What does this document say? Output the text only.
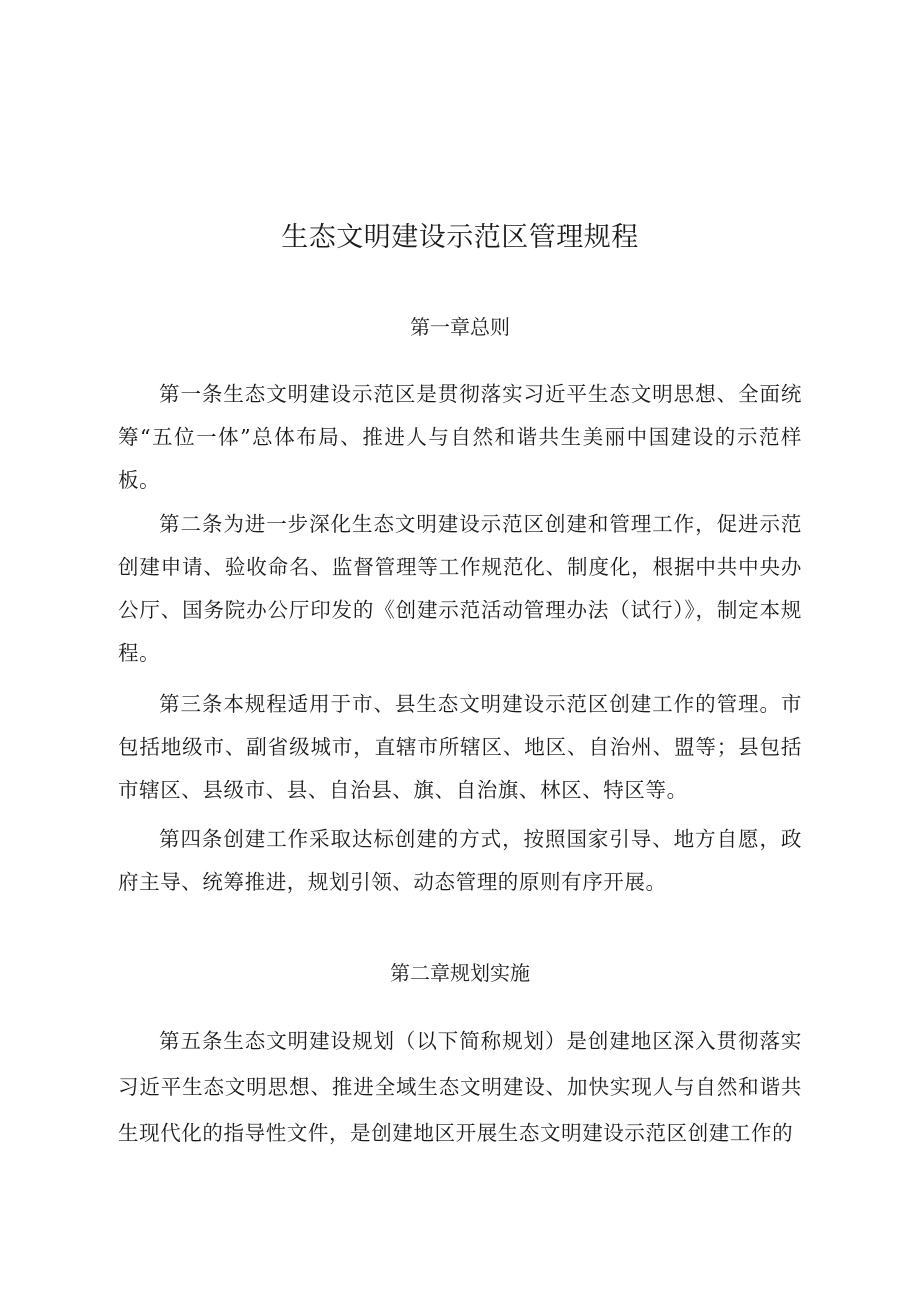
生态文明建设示范区管理规程
第一章总则

第一条生态文明建设示范区是贯彻落实习近平生态文明思想、全面统筹“五位一体”总体布局、推进人与自然和谐共生美丽中国建设的示范样板。

第二条为进一步深化生态文明建设示范区创建和管理工作，促进示范创建申请、验收命名、监督管理等工作规范化、制度化，根据中共中央办公厅、国务院办公厅印发的《创建示范活动管理办法（试行）》，制定本规程。

第三条本规程适用于市、县生态文明建设示范区创建工作的管理。市包括地级市、副省级城市，直辖市所辖区、地区、自治州、盟等；县包括市辖区、县级市、县、自治县、旗、自治旗、林区、特区等。

第四条创建工作采取达标创建的方式，按照国家引导、地方自愿，政府主导、统筹推进，规划引领、动态管理的原则有序开展。

第二章规划实施

第五条生态文明建设规划（以下简称规划）是创建地区深入贯彻落实习近平生态文明思想、推进全域生态文明建设、加快实现人与自然和谐共生现代化的指导性文件，是创建地区开展生态文明建设示范区创建工作的
